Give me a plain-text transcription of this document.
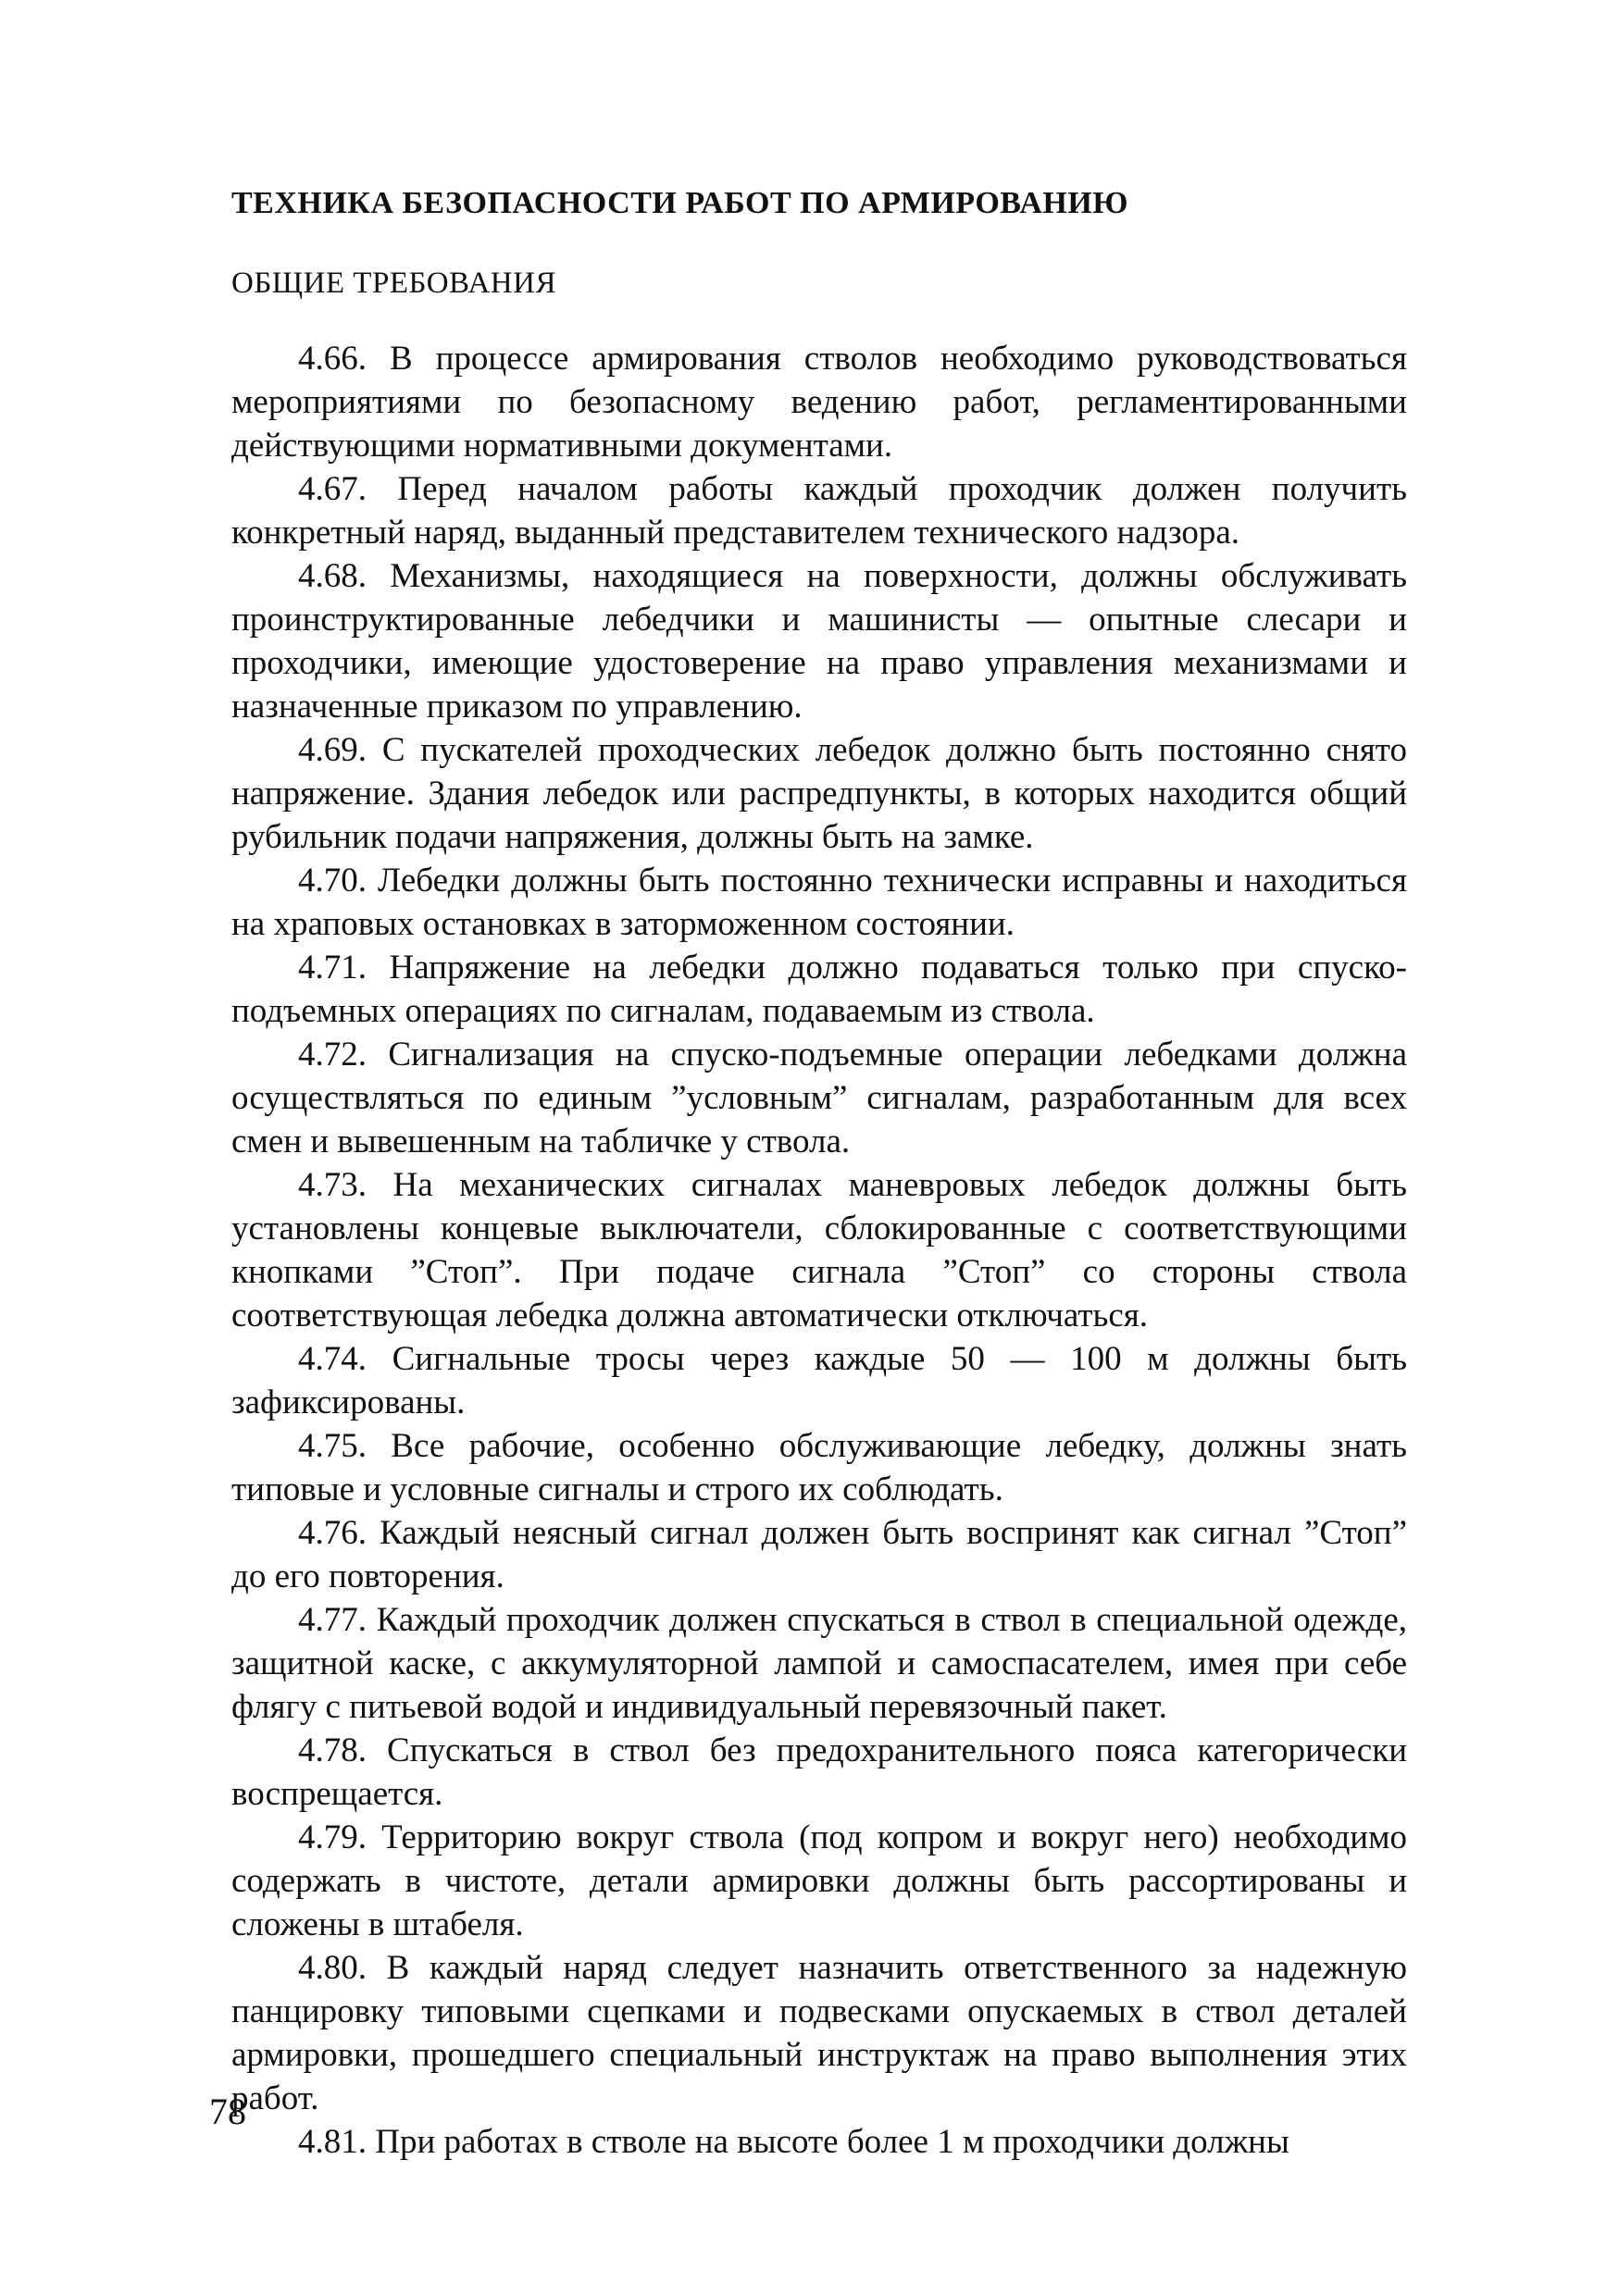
ТЕХНИКА БЕЗОПАСНОСТИ РАБОТ ПО АРМИРОВАНИЮ
ОБЩИЕ ТРЕБОВАНИЯ

4.66. В процессе армирования стволов необходимо руководствоваться мероприятиями по безопасному ведению работ, регламентированными действующими нормативными документами.

4.67. Перед началом работы каждый проходчик должен получить конкретный наряд, выданный представителем технического надзора.

4.68. Механизмы, находящиеся на поверхности, должны обслуживать проинструктированные лебедчики и машинисты — опытные слесари и проходчики, имеющие удостоверение на право управления механизмами и назначенные приказом по управлению.

4.69. С пускателей проходческих лебедок должно быть постоянно снято напряжение. Здания лебедок или распредпункты, в которых находится общий рубильник подачи напряжения, должны быть на замке.

4.70. Лебедки должны быть постоянно технически исправны и находиться на храповых остановках в заторможенном состоянии.

4.71. Напряжение на лебедки должно подаваться только при спуско-подъемных операциях по сигналам, подаваемым из ствола.

4.72. Сигнализация на спуско-подъемные операции лебедками должна осуществляться по единым ”условным” сигналам, разработанным для всех смен и вывешенным на табличке у ствола.

4.73. На механических сигналах маневровых лебедок должны быть установлены концевые выключатели, сблокированные с соответствующими кнопками ”Стоп”. При подаче сигнала ”Стоп” со стороны ствола соответствующая лебедка должна автоматически отключаться.

4.74. Сигнальные тросы через каждые 50 — 100 м должны быть зафиксированы.

4.75. Все рабочие, особенно обслуживающие лебедку, должны знать типовые и условные сигналы и строго их соблюдать.

4.76. Каждый неясный сигнал должен быть воспринят как сигнал ”Стоп” до его повторения.

4.77. Каждый проходчик должен спускаться в ствол в специальной одежде, защитной каске, с аккумуляторной лампой и самоспасателем, имея при себе флягу с питьевой водой и индивидуальный перевязочный пакет.

4.78. Спускаться в ствол без предохранительного пояса категорически воспрещается.

4.79. Территорию вокруг ствола (под копром и вокруг него) необходимо содержать в чистоте, детали армировки должны быть рассортированы и сложены в штабеля.

4.80. В каждый наряд следует назначить ответственного за надежную панцировку типовыми сцепками и подвесками опускаемых в ствол деталей армировки, прошедшего специальный инструктаж на право выполнения этих работ.

4.81. При работах в стволе на высоте более 1 м проходчики должны

78
